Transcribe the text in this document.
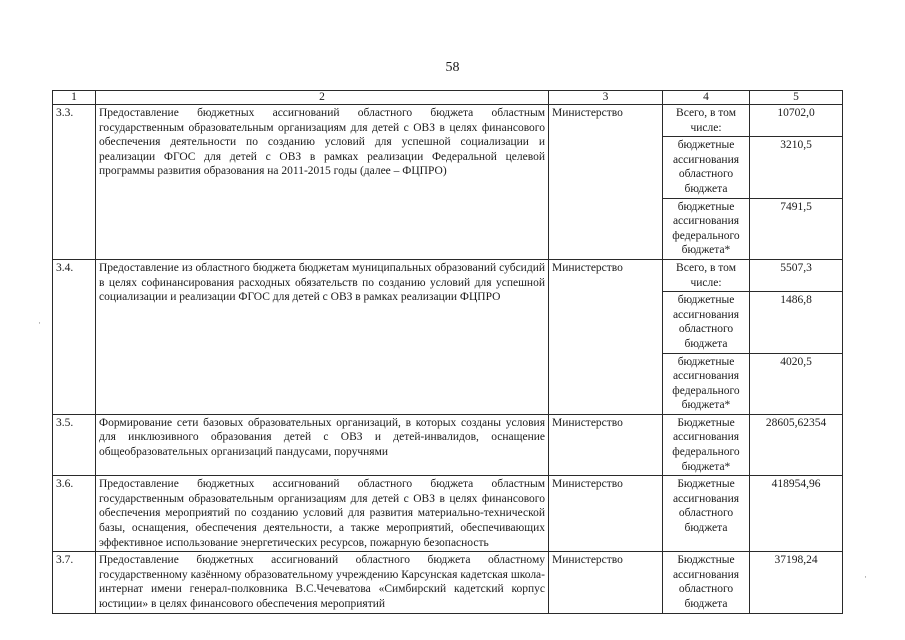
58
1	2	3	4	5
3.3.	Предоставление бюджетных ассигнований областного бюджета областным государственным образовательным организациям для детей с ОВЗ в целях финансового обеспечения деятельности по созданию условий для успешной социализации и реализации ФГОС для детей с ОВЗ в рамках реализации Федеральной целевой программы развития образования на 2011-2015 годы (далее – ФЦПРО)	Министерство	Всего, в том числе:	10702,0
			бюджетные ассигнования областного бюджета	3210,5
			бюджетные ассигнования федерального бюджета*	7491,5
3.4.	Предоставление из областного бюджета бюджетам муниципальных образований субсидий в целях софинансирования расходных обязательств по созданию условий для успешной социализации и реализации ФГОС для детей с ОВЗ в рамках реализации ФЦПРО	Министерство	Всего, в том числе:	5507,3
			бюджетные ассигнования областного бюджета	1486,8
			бюджетные ассигнования федерального бюджета*	4020,5
3.5.	Формирование сети базовых образовательных организаций, в которых созданы условия для инклюзивного образования детей с ОВЗ и детей-инвалидов, оснащение общеобразовательных организаций пандусами, поручнями	Министерство	Бюджетные ассигнования федерального бюджета*	28605,62354
3.6.	Предоставление бюджетных ассигнований областного бюджета областным государственным образовательным организациям для детей с ОВЗ в целях финансового обеспечения мероприятий по созданию условий для развития материально-технической базы, оснащения, обеспечения деятельности, а также мероприятий, обеспечивающих эффективное использование энергетических ресурсов, пожарную безопасность	Министерство	Бюджетные ассигнования областного бюджета	418954,96
3.7.	Предоставление бюджетных ассигнований областного бюджета областному государственному казённому образовательному учреждению Карсунская кадетская школа-интернат имени генерал-полковника В.С.Чечеватова «Симбирский кадетский корпус юстиции» в целях финансового обеспечения мероприятий	Министерство	Бюджстные ассигнования областного бюджета	37198,24
·
·
